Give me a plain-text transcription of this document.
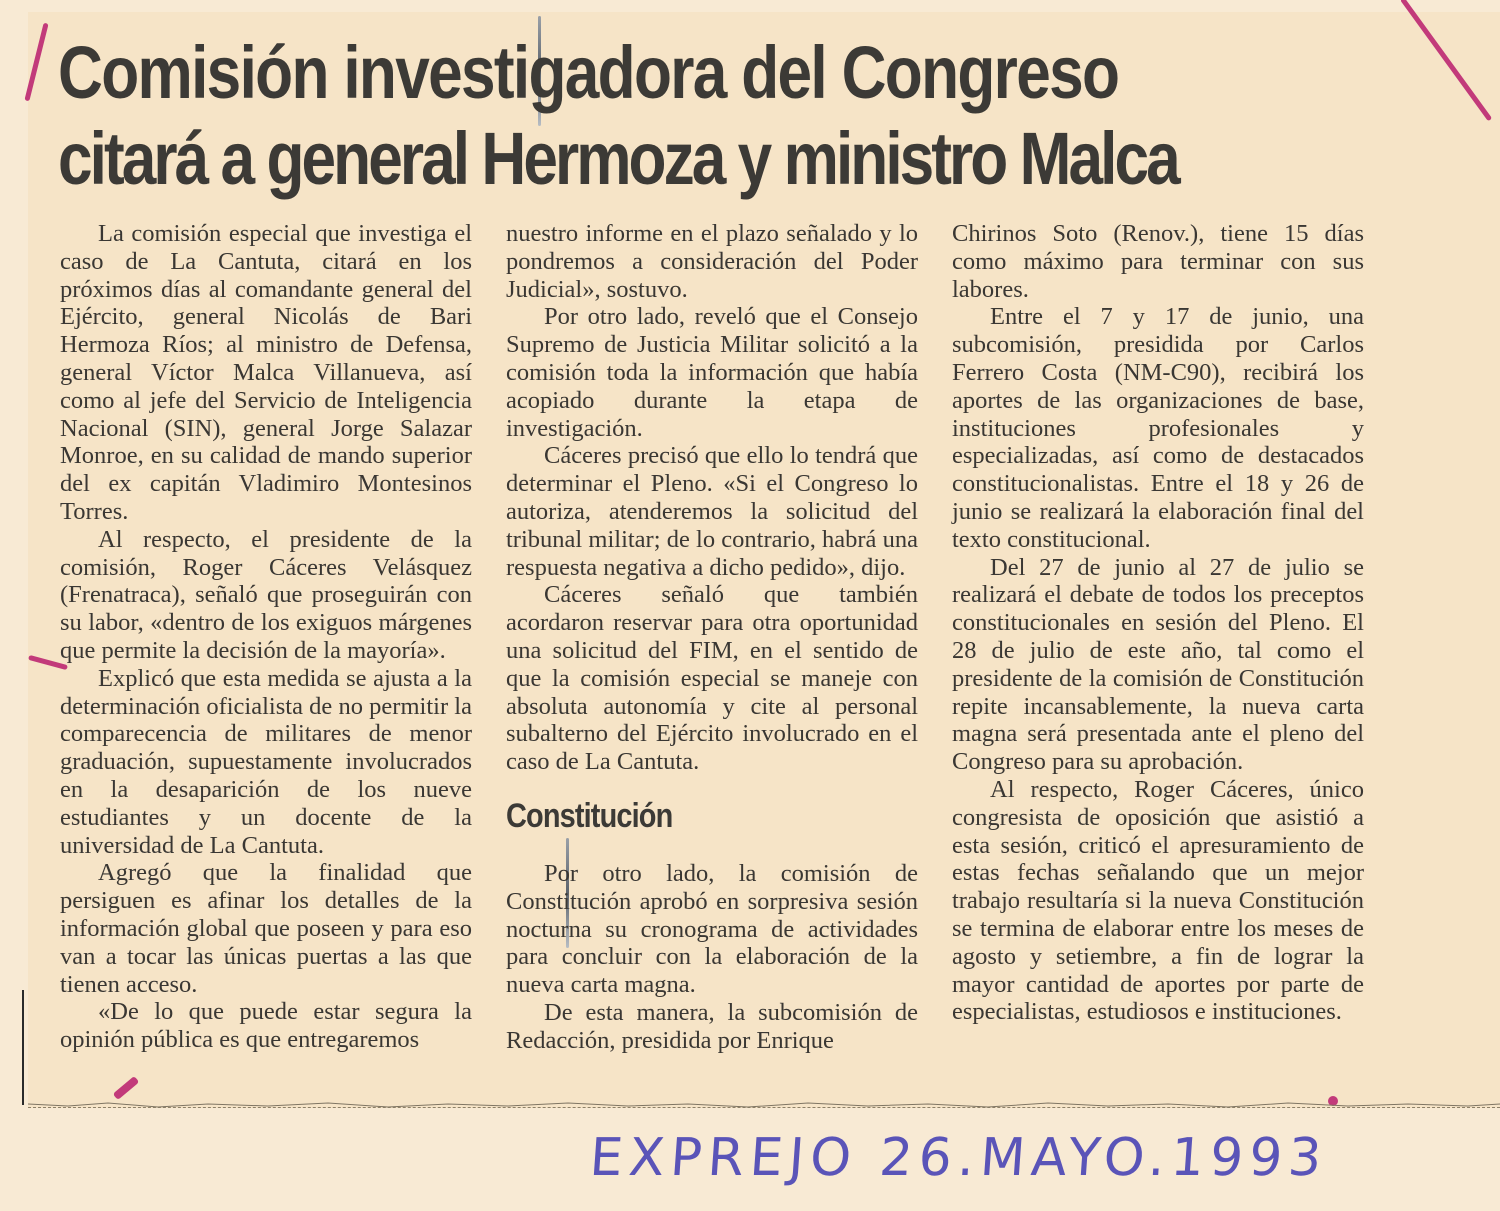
Comisión investigadora del Congreso
citará a general Hermoza y ministro Malca

La comisión especial que investiga el caso de La Cantuta, citará en los próximos días al comandante general del Ejército, general Nicolás de Bari Hermoza Ríos; al ministro de Defensa, general Víctor Malca Villanueva, así como al jefe del Servicio de Inteligencia Nacional (SIN), general Jorge Salazar Monroe, en su calidad de mando superior del ex capitán Vladimiro Montesinos Torres.

Al respecto, el presidente de la comisión, Roger Cáceres Velásquez (Frenatraca), señaló que proseguirán con su labor, «dentro de los exiguos márgenes que permite la decisión de la mayoría».

Explicó que esta medida se ajusta a la determinación oficialista de no permitir la comparecencia de militares de menor graduación, supuestamente involucrados en la desaparición de los nueve estudiantes y un docente de la universidad de La Cantuta.

Agregó que la finalidad que persiguen es afinar los detalles de la información global que poseen y para eso van a tocar las únicas puertas a las que tienen acceso.

«De lo que puede estar segura la opinión pública es que entregaremos

nuestro informe en el plazo señalado y lo pondremos a consideración del Poder Judicial», sostuvo.

Por otro lado, reveló que el Consejo Supremo de Justicia Militar solicitó a la comisión toda la información que había acopiado durante la etapa de investigación.

Cáceres precisó que ello lo tendrá que determinar el Pleno. «Si el Congreso lo autoriza, atenderemos la solicitud del tribunal militar; de lo contrario, habrá una respuesta negativa a dicho pedido», dijo.

Cáceres señaló que también acordaron reservar para otra oportunidad una solicitud del FIM, en el sentido de que la comisión especial se maneje con absoluta autonomía y cite al personal subalterno del Ejército involucrado en el caso de La Cantuta.

Constitución

Por otro lado, la comisión de Constitución aprobó en sorpresiva sesión nocturna su cronograma de actividades para concluir con la elaboración de la nueva carta magna.

De esta manera, la subcomisión de Redacción, presidida por Enrique

Chirinos Soto (Renov.), tiene 15 días como máximo para terminar con sus labores.

Entre el 7 y 17 de junio, una subcomisión, presidida por Carlos Ferrero Costa (NM-C90), recibirá los aportes de las organizaciones de base, instituciones profesionales y especializadas, así como de destacados constitucionalistas. Entre el 18 y 26 de junio se realizará la elaboración final del texto constitucional.

Del 27 de junio al 27 de julio se realizará el debate de todos los preceptos constitucionales en sesión del Pleno. El 28 de julio de este año, tal como el presidente de la comisión de Constitución repite incansablemente, la nueva carta magna será presentada ante el pleno del Congreso para su aprobación.

Al respecto, Roger Cáceres, único congresista de oposición que asistió a esta sesión, criticó el apresuramiento de estas fechas señalando que un mejor trabajo resultaría si la nueva Constitución se termina de elaborar entre los meses de agosto y setiembre, a fin de lograr la mayor cantidad de aportes por parte de especialistas, estudiosos e instituciones.

EXPREJO 26.MAYO.1993
